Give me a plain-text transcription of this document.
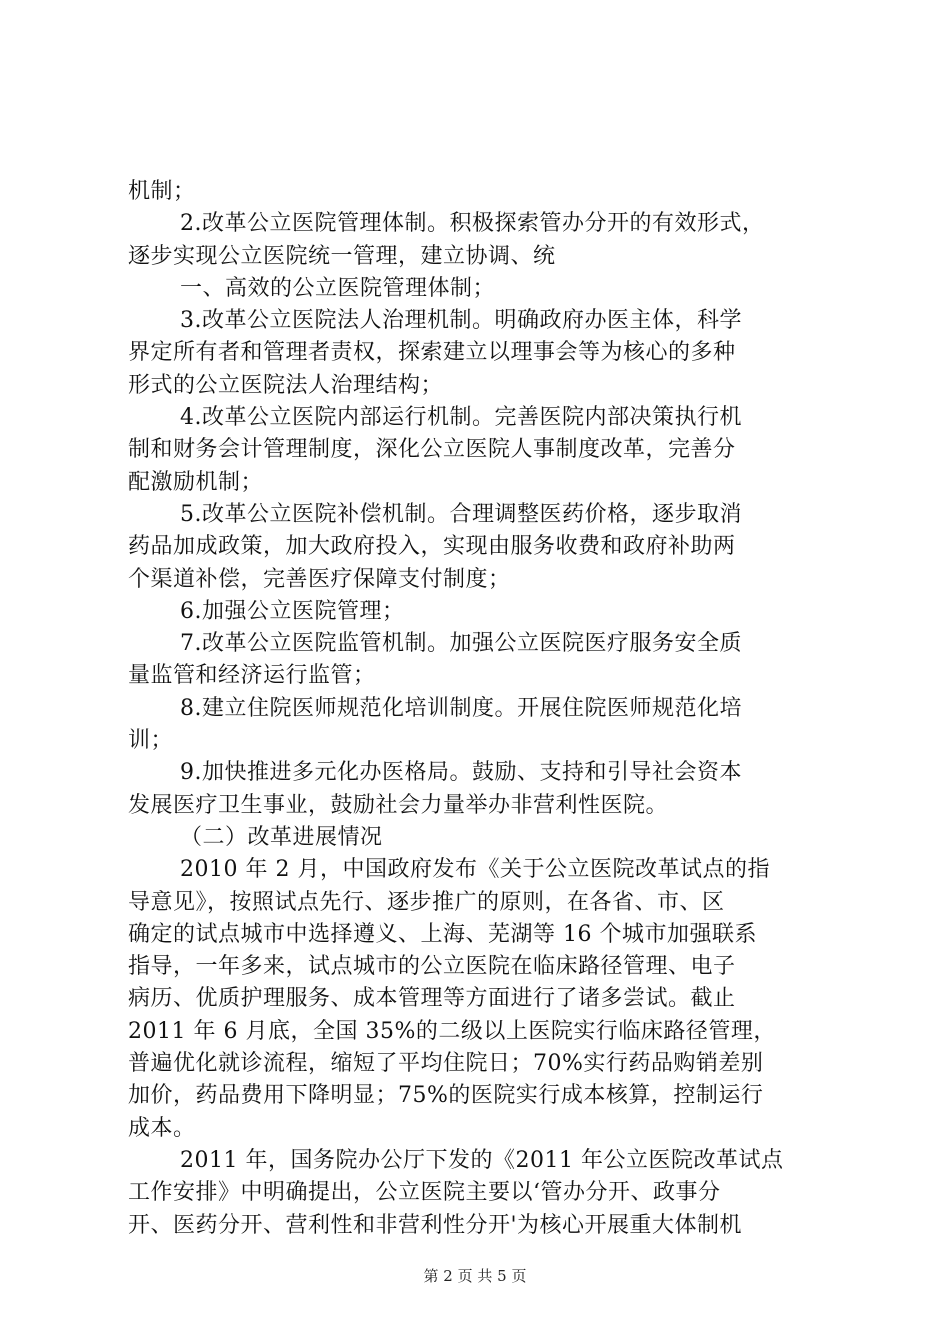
机制；
2.改革公立医院管理体制。积极探索管办分开的有效形式，
逐步实现公立医院统一管理，建立协调、统
一、高效的公立医院管理体制；
3.改革公立医院法人治理机制。明确政府办医主体，科学
界定所有者和管理者责权，探索建立以理事会等为核心的多种
形式的公立医院法人治理结构；
4.改革公立医院内部运行机制。完善医院内部决策执行机
制和财务会计管理制度，深化公立医院人事制度改革，完善分
配激励机制；
5.改革公立医院补偿机制。合理调整医药价格，逐步取消
药品加成政策，加大政府投入，实现由服务收费和政府补助两
个渠道补偿，完善医疗保障支付制度；
6.加强公立医院管理；
7.改革公立医院监管机制。加强公立医院医疗服务安全质
量监管和经济运行监管；
8.建立住院医师规范化培训制度。开展住院医师规范化培
训；
9.加快推进多元化办医格局。鼓励、支持和引导社会资本
发展医疗卫生事业，鼓励社会力量举办非营利性医院。
（二）改革进展情况
2010 年 2 月，中国政府发布《关于公立医院改革试点的指
导意见》，按照试点先行、逐步推广的原则，在各省、市、区
确定的试点城市中选择遵义、上海、芜湖等 16 个城市加强联系
指导，一年多来，试点城市的公立医院在临床路径管理、电子
病历、优质护理服务、成本管理等方面进行了诸多尝试。截止
2011 年 6 月底，全国 35%的二级以上医院实行临床路径管理，
普遍优化就诊流程，缩短了平均住院日；70%实行药品购销差别
加价，药品费用下降明显；75%的医院实行成本核算，控制运行
成本。
2011 年，国务院办公厅下发的《2011 年公立医院改革试点
工作安排》中明确提出，公立医院主要以‘管办分开、政事分
开、医药分开、营利性和非营利性分开'为核心开展重大体制机
第 2 页 共 5 页
